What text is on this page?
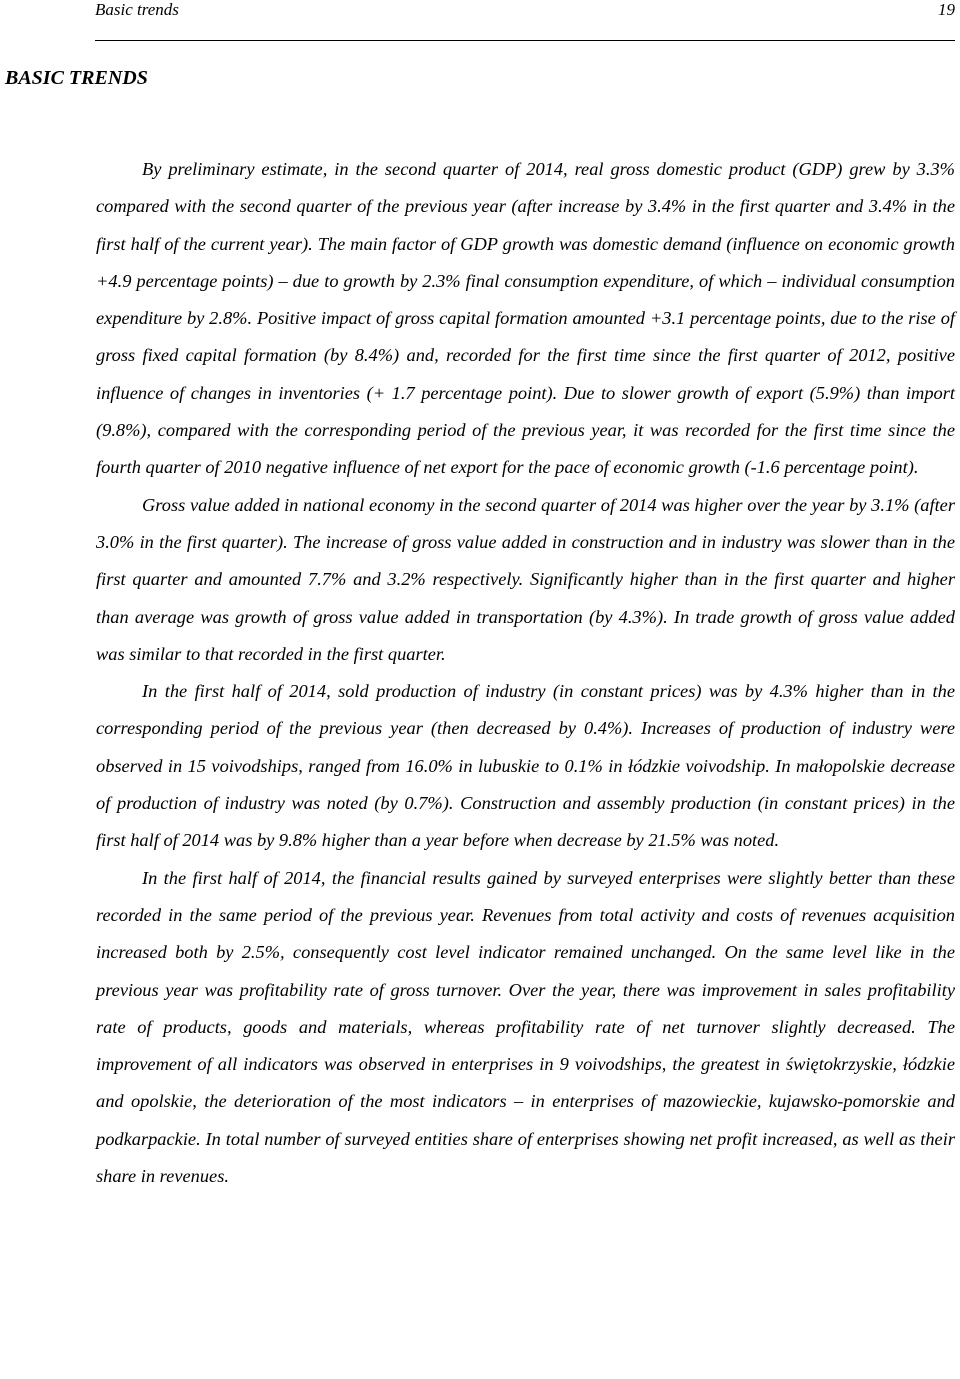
Basic trends	19
BASIC TRENDS

By preliminary estimate, in the second quarter of 2014, real gross domestic product (GDP) grew by 3.3% compared with the second quarter of the previous year (after increase by 3.4% in the first quarter and 3.4% in the first half of the current year). The main factor of GDP growth was domestic demand (influence on economic growth +4.9 percentage points) – due to growth by 2.3% final consumption expenditure, of which – individual consumption expenditure by 2.8%. Positive impact of gross capital formation amounted +3.1 percentage points, due to the rise of gross fixed capital formation (by 8.4%) and, recorded for the first time since the first quarter of 2012, positive influence of changes in inventories (+ 1.7 percentage point). Due to slower growth of export (5.9%) than import (9.8%), compared with the corresponding period of the previous year, it was recorded for the first time since the fourth quarter of 2010 negative influence of net export for the pace of economic growth (-1.6 percentage point).

Gross value added in national economy in the second quarter of 2014 was higher over the year by 3.1% (after 3.0% in the first quarter). The increase of gross value added in construction and in industry was slower than in the first quarter and amounted 7.7% and 3.2% respectively. Significantly higher than in the first quarter and higher than average was growth of gross value added in transportation (by 4.3%). In trade growth of gross value added was similar to that recorded in the first quarter.

In the first half of 2014, sold production of industry (in constant prices) was by 4.3% higher than in the corresponding period of the previous year (then decreased by 0.4%). Increases of production of industry were observed in 15 voivodships, ranged from 16.0% in lubuskie to 0.1% in łódzkie voivodship. In małopolskie decrease of production of industry was noted (by 0.7%). Construction and assembly production (in constant prices) in the first half of 2014 was by 9.8% higher than a year before when decrease by 21.5% was noted.

In the first half of 2014, the financial results gained by surveyed enterprises were slightly better than these recorded in the same period of the previous year. Revenues from total activity and costs of revenues acquisition increased both by 2.5%, consequently cost level indicator remained unchanged. On the same level like in the previous year was profitability rate of gross turnover. Over the year, there was improvement in sales profitability rate of products, goods and materials, whereas profitability rate of net turnover slightly decreased. The improvement of all indicators was observed in enterprises in 9 voivodships, the greatest in świętokrzyskie, łódzkie and opolskie, the deterioration of the most indicators – in enterprises of mazowieckie, kujawsko-pomorskie and podkarpackie. In total number of surveyed entities share of enterprises showing net profit increased, as well as their share in revenues.
